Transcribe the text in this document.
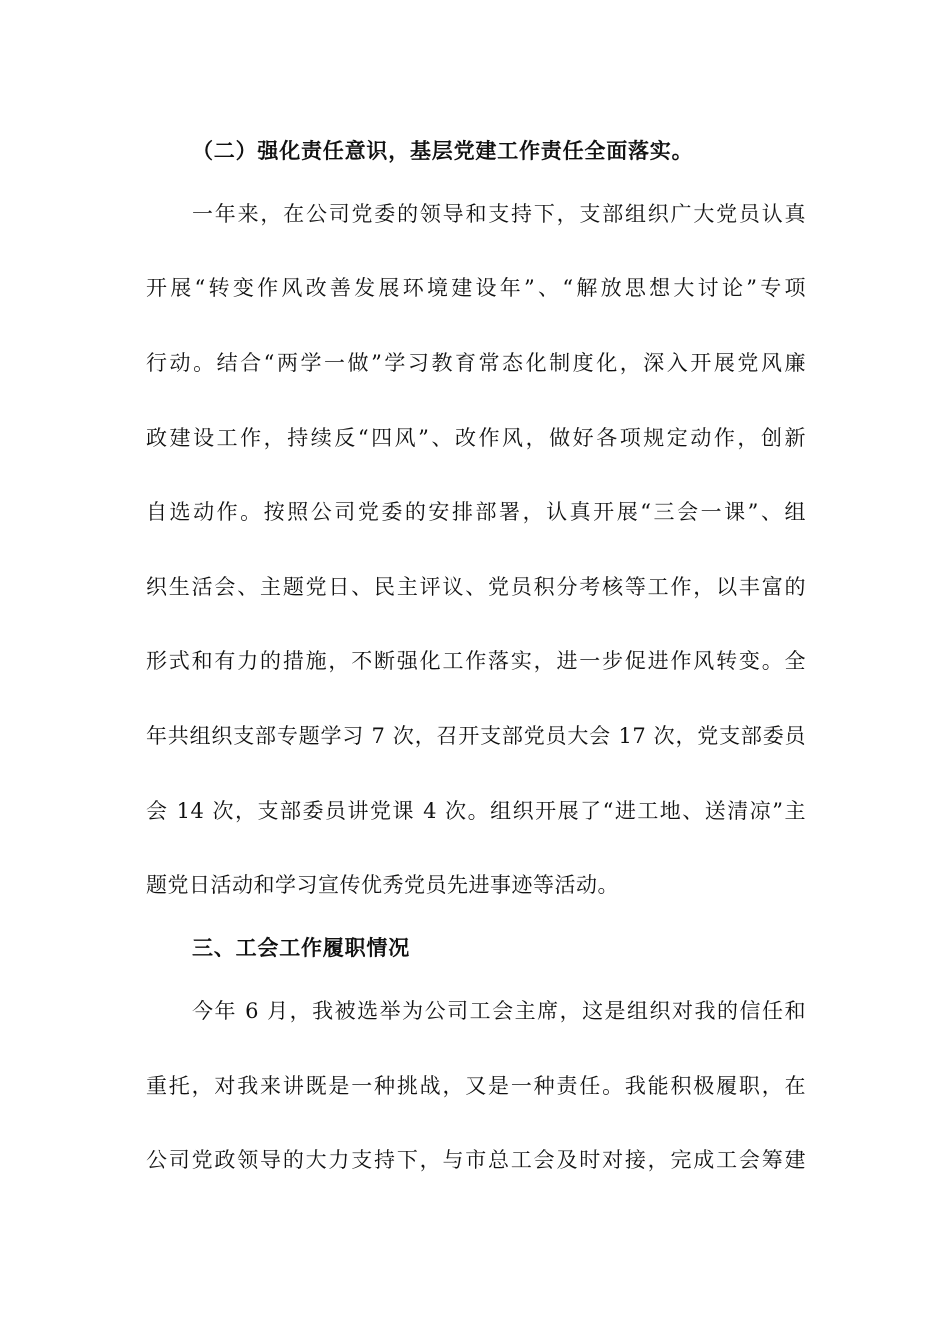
（二）强化责任意识，基层党建工作责任全面落实。
一年来，在公司党委的领导和支持下，支部组织广大党员认真
开展“转变作风改善发展环境建设年”、“解放思想大讨论”专项
行动。结合“两学一做”学习教育常态化制度化，深入开展党风廉
政建设工作，持续反“四风”、改作风，做好各项规定动作，创新
自选动作。按照公司党委的安排部署，认真开展“三会一课”、组
织生活会、主题党日、民主评议、党员积分考核等工作，以丰富的
形式和有力的措施，不断强化工作落实，进一步促进作风转变。全
年共组织支部专题学习 7 次，召开支部党员大会 17 次，党支部委员
会 14 次，支部委员讲党课 4 次。组织开展了“进工地、送清凉”主
题党日活动和学习宣传优秀党员先进事迹等活动。
三、工会工作履职情况
今年 6 月，我被选举为公司工会主席，这是组织对我的信任和
重托，对我来讲既是一种挑战，又是一种责任。我能积极履职，在
公司党政领导的大力支持下，与市总工会及时对接，完成工会筹建
